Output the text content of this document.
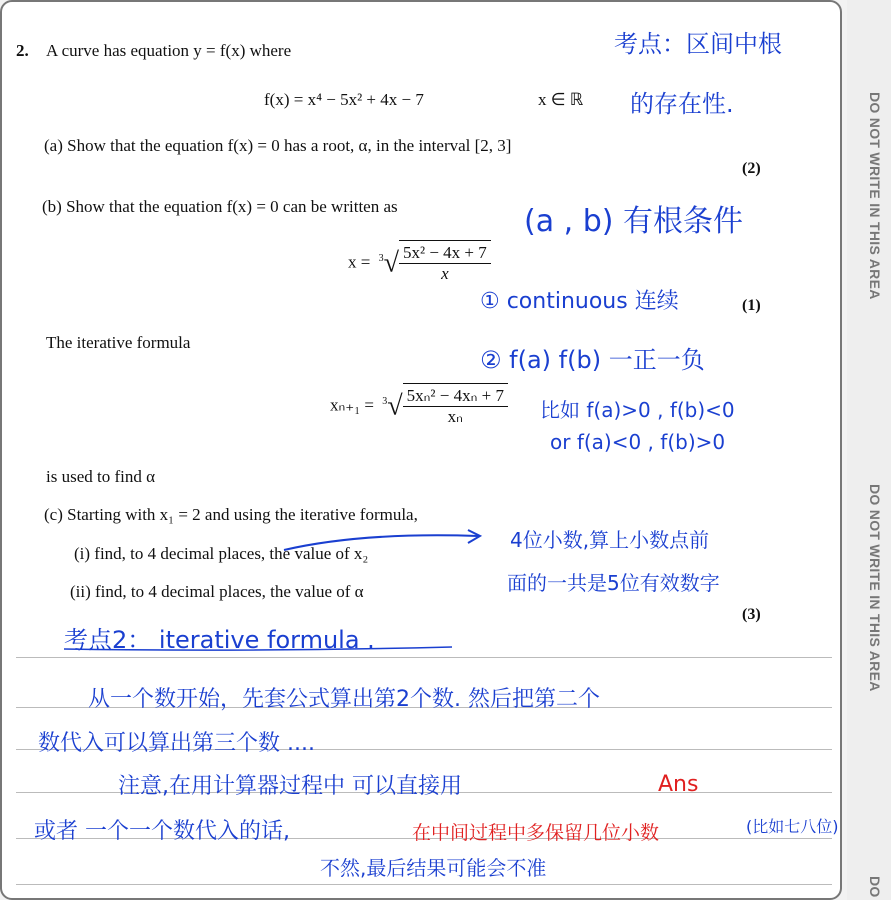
2. A curve has equation y = f(x) where
f(x) = x⁴ − 5x² + 4x − 7	x ∈ ℝ
(a) Show that the equation f(x) = 0 has a root, α, in the interval [2, 3]
(2)
(b) Show that the equation f(x) = 0 can be written as
$x = ^3√ \frac{\text{5x² − 4x + 7}}{x}$
(1)
The iterative formula
$x_{n+1} = ^3√ \frac{\text{5xₙ² − 4xₙ + 7}}{\text{xₙ}}$
is used to find α
(c) Starting with x₁ = 2 and using the iterative formula,
(i) find, to 4 decimal places, the value of x₂
(ii) find, to 4 decimal places, the value of α
(3)
考点：区间中根
的存在性.
(a , b) 有根条件
① continuous 连续
② f(a) f(b) 一正一负
比如 f(a)>0 , f(b)<0
or f(a)<0 , f(b)>0
4位小数,算上小数点前
面的一共是5位有效数字
考点2： iterative formula .
从一个数开始，先套公式算出第2个数. 然后把第二个
数代入可以算出第三个数 ....
注意,在用计算器过程中 可以直接用	Ans
或者 一个一个数代入的话,	在中间过程中多保留几位小数	(比如七八位)
不然,最后结果可能会不准
DO NOT WRITE IN THIS AREA
DO NOT WRITE IN THIS AREA
DO
